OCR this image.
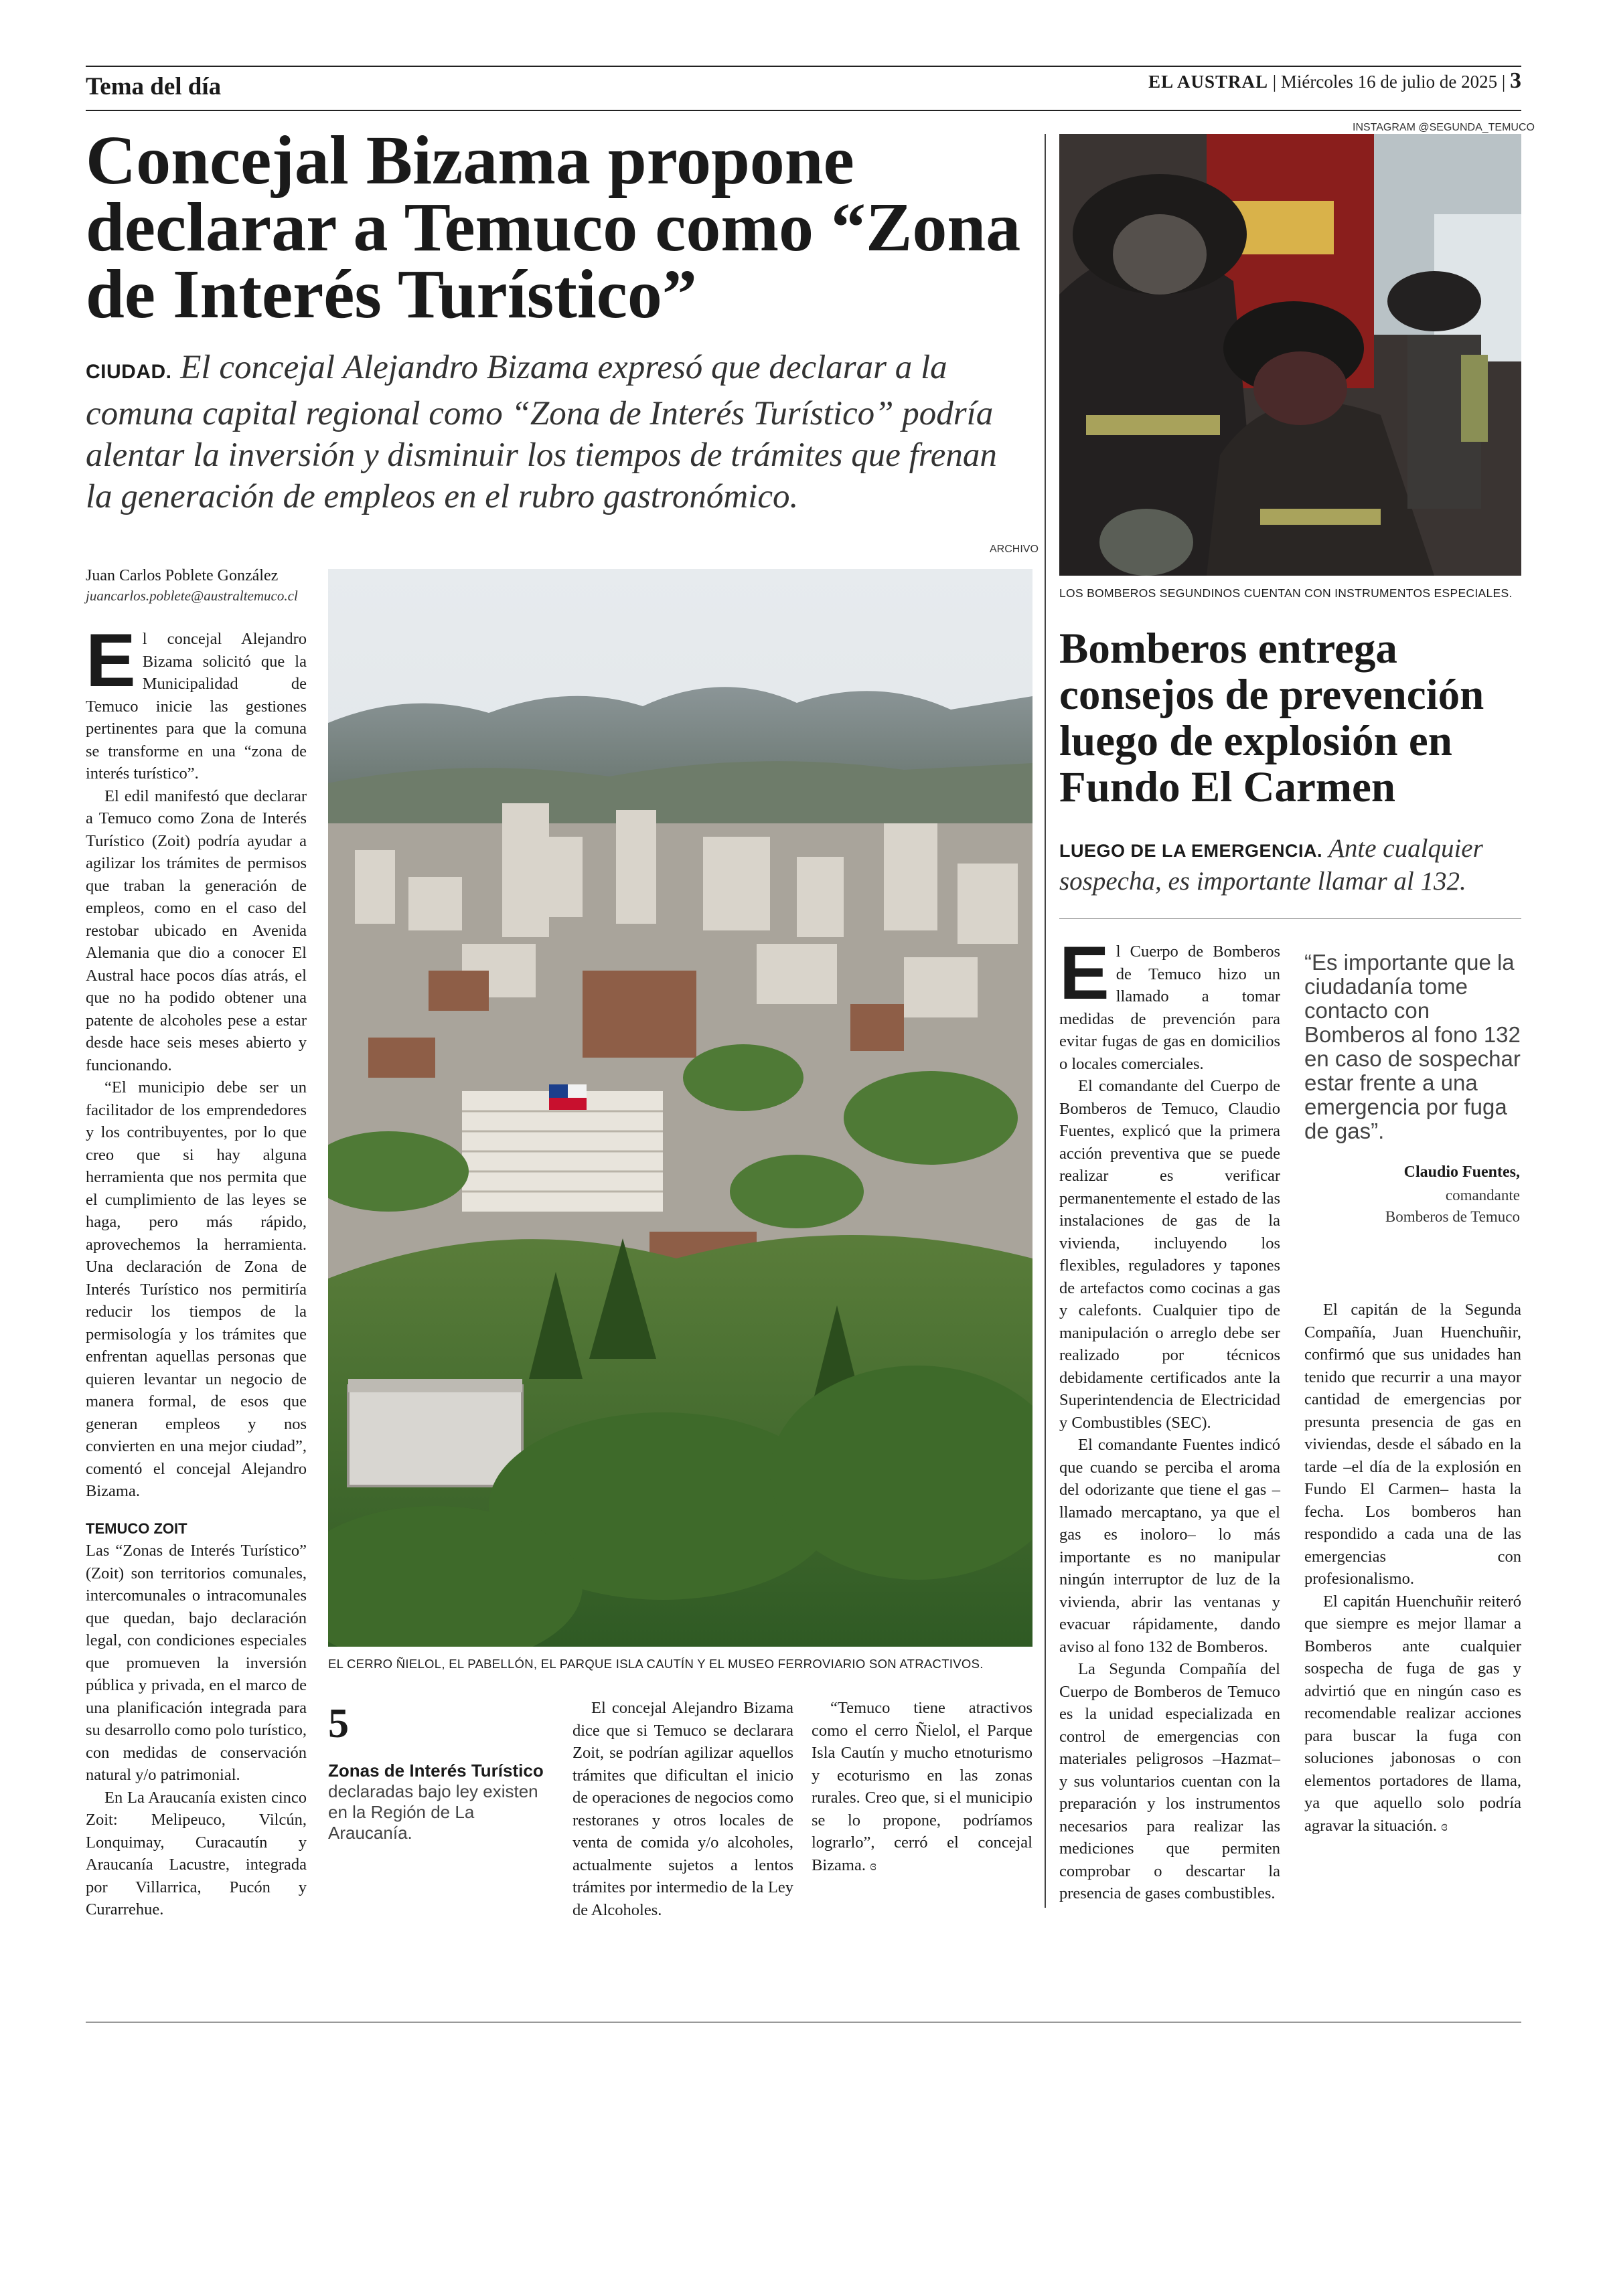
Tema del día	EL AUSTRAL | Miércoles 16 de julio de 2025 | 3
Concejal Bizama propone declarar a Temuco como “Zona de Interés Turístico”

CIUDAD. El concejal Alejandro Bizama expresó que declarar a la comuna capital regional como “Zona de Interés Turístico” podría alentar la inversión y disminuir los tiempos de trámites que frenan la generación de empleos en el rubro gastronómico.

Juan Carlos Poblete González
juancarlos.poblete@australtemuco.cl
ARCHIVO
EL CERRO ÑIELOL, EL PABELLÓN, EL PARQUE ISLA CAUTÍN Y EL MUSEO FERROVIARIO SON ATRACTIVOS.

El concejal Alejandro Bizama solicitó que la Municipalidad de Temuco inicie las gestiones pertinentes para que la comuna se transforme en una “zona de interés turístico”.

El edil manifestó que declarar a Temuco como Zona de Interés Turístico (Zoit) podría ayudar a agilizar los trámites de permisos que traban la generación de empleos, como en el caso del restobar ubicado en Avenida Alemania que dio a conocer El Austral hace pocos días atrás, el que no ha podido obtener una patente de alcoholes pese a estar desde hace seis meses abierto y funcionando.

“El municipio debe ser un facilitador de los emprendedores y los contribuyentes, por lo que creo que si hay alguna herramienta que nos permita que el cumplimiento de las leyes se haga, pero más rápido, aprovechemos la herramienta. Una declaración de Zona de Interés Turístico nos permitiría reducir los tiempos de la permisología y los trámites que enfrentan aquellas personas que quieren levantar un negocio de manera formal, de esos que generan empleos y nos convierten en una mejor ciudad”, comentó el concejal Alejandro Bizama.

TEMUCO ZOIT

Las “Zonas de Interés Turístico” (Zoit) son territorios comunales, intercomunales o intracomunales que quedan, bajo declaración legal, con condiciones especiales que promueven la inversión pública y privada, en el marco de una planificación integrada para su desarrollo como polo turístico, con medidas de conservación natural y/o patrimonial.

En La Araucanía existen cinco Zoit: Melipeuco, Vilcún, Lonquimay, Curacautín y Araucanía Lacustre, integrada por Villarrica, Pucón y Curarrehue.

5
Zonas de Interés Turístico declaradas bajo ley existen en la Región de La Araucanía.

El concejal Alejandro Bizama dice que si Temuco se declarara Zoit, se podrían agilizar aquellos trámites que dificultan el inicio de operaciones de negocios como restoranes y otros locales de venta de comida y/o alcoholes, actualmente sujetos a lentos trámites por intermedio de la Ley de Alcoholes.

“Temuco tiene atractivos como el cerro Ñielol, el Parque Isla Cautín y mucho etnoturismo y ecoturismo en las zonas rurales. Creo que, si el municipio se lo propone, podríamos lograrlo”, cerró el concejal Bizama. ɞ

INSTAGRAM @SEGUNDA_TEMUCO
LOS BOMBEROS SEGUNDINOS CUENTAN CON INSTRUMENTOS ESPECIALES.
Bomberos entrega consejos de prevención luego de explosión en Fundo El Carmen

LUEGO DE LA EMERGENCIA. Ante cualquier sospecha, es importante llamar al 132.

El Cuerpo de Bomberos de Temuco hizo un llamado a tomar medidas de prevención para evitar fugas de gas en domicilios o locales comerciales.

El comandante del Cuerpo de Bomberos de Temuco, Claudio Fuentes, explicó que la primera acción preventiva que se puede realizar es verificar permanentemente el estado de las instalaciones de gas de la vivienda, incluyendo los flexibles, reguladores y tapones de artefactos como cocinas a gas y calefonts. Cualquier tipo de manipulación o arreglo debe ser realizado por técnicos debidamente certificados ante la Superintendencia de Electricidad y Combustibles (SEC).

El comandante Fuentes indicó que cuando se perciba el aroma del odorizante que tiene el gas –llamado mercaptano, ya que el gas es inoloro– lo más importante es no manipular ningún interruptor de luz de la vivienda, abrir las ventanas y evacuar rápidamente, dando aviso al fono 132 de Bomberos.

La Segunda Compañía del Cuerpo de Bomberos de Temuco es la unidad especializada en control de emergencias con materiales peligrosos –Hazmat– y sus voluntarios cuentan con la preparación y los instrumentos necesarios para realizar las mediciones que permiten comprobar o descartar la presencia de gases combustibles.

“Es importante que la ciudadanía tome contacto con Bomberos al fono 132 en caso de sospechar estar frente a una emergencia por fuga de gas”.
Claudio Fuentes,
comandante
Bomberos de Temuco

El capitán de la Segunda Compañía, Juan Huenchuñir, confirmó que sus unidades han tenido que recurrir a una mayor cantidad de emergencias por presunta presencia de gas en viviendas, desde el sábado en la tarde –el día de la explosión en Fundo El Carmen– hasta la fecha. Los bomberos han respondido a cada una de las emergencias con profesionalismo.

El capitán Huenchuñir reiteró que siempre es mejor llamar a Bomberos ante cualquier sospecha de fuga de gas y advirtió que en ningún caso es recomendable realizar acciones para buscar la fuga con soluciones jabonosas o con elementos portadores de llama, ya que aquello solo podría agravar la situación. ɞ
